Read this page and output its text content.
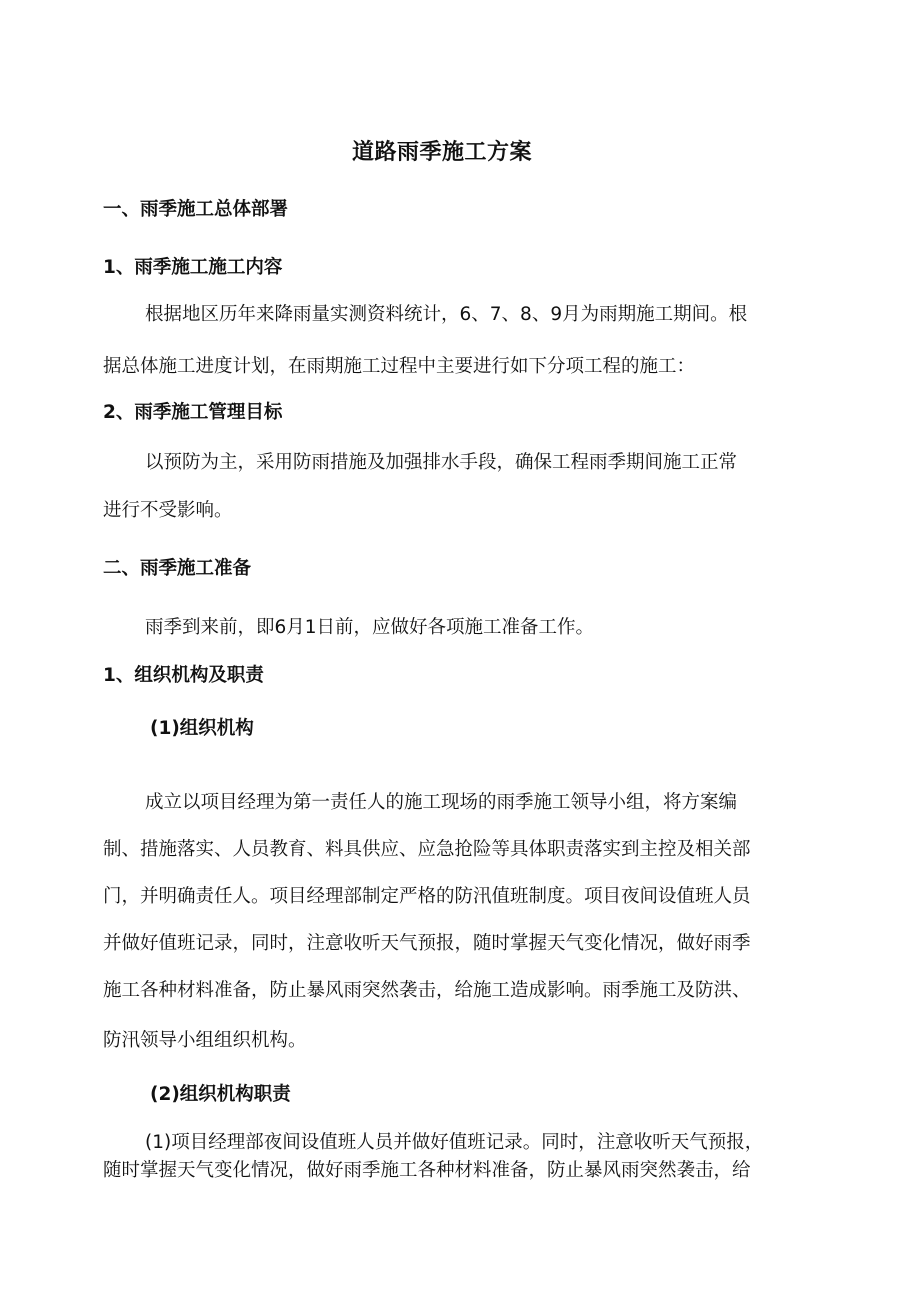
道路雨季施工方案
一、雨季施工总体部署
1、雨季施工施工内容

根据地区历年来降雨量实测资料统计，6、7、8、9月为雨期施工期间。根

据总体施工进度计划，在雨期施工过程中主要进行如下分项工程的施工：

2、雨季施工管理目标

以预防为主，采用防雨措施及加强排水手段，确保工程雨季期间施工正常

进行不受影响。

二、雨季施工准备

雨季到来前，即6月1日前，应做好各项施工准备工作。

1、组织机构及职责
(1)组织机构

成立以项目经理为第一责任人的施工现场的雨季施工领导小组，将方案编

制、措施落实、人员教育、料具供应、应急抢险等具体职责落实到主控及相关部

门，并明确责任人。项目经理部制定严格的防汛值班制度。项目夜间设值班人员

并做好值班记录，同时，注意收听天气预报，随时掌握天气变化情况，做好雨季

施工各种材料准备，防止暴风雨突然袭击，给施工造成影响。雨季施工及防洪、

防汛领导小组组织机构。

(2)组织机构职责

(1)项目经理部夜间设值班人员并做好值班记录。同时，注意收听天气预报，

随时掌握天气变化情况，做好雨季施工各种材料准备，防止暴风雨突然袭击，给
